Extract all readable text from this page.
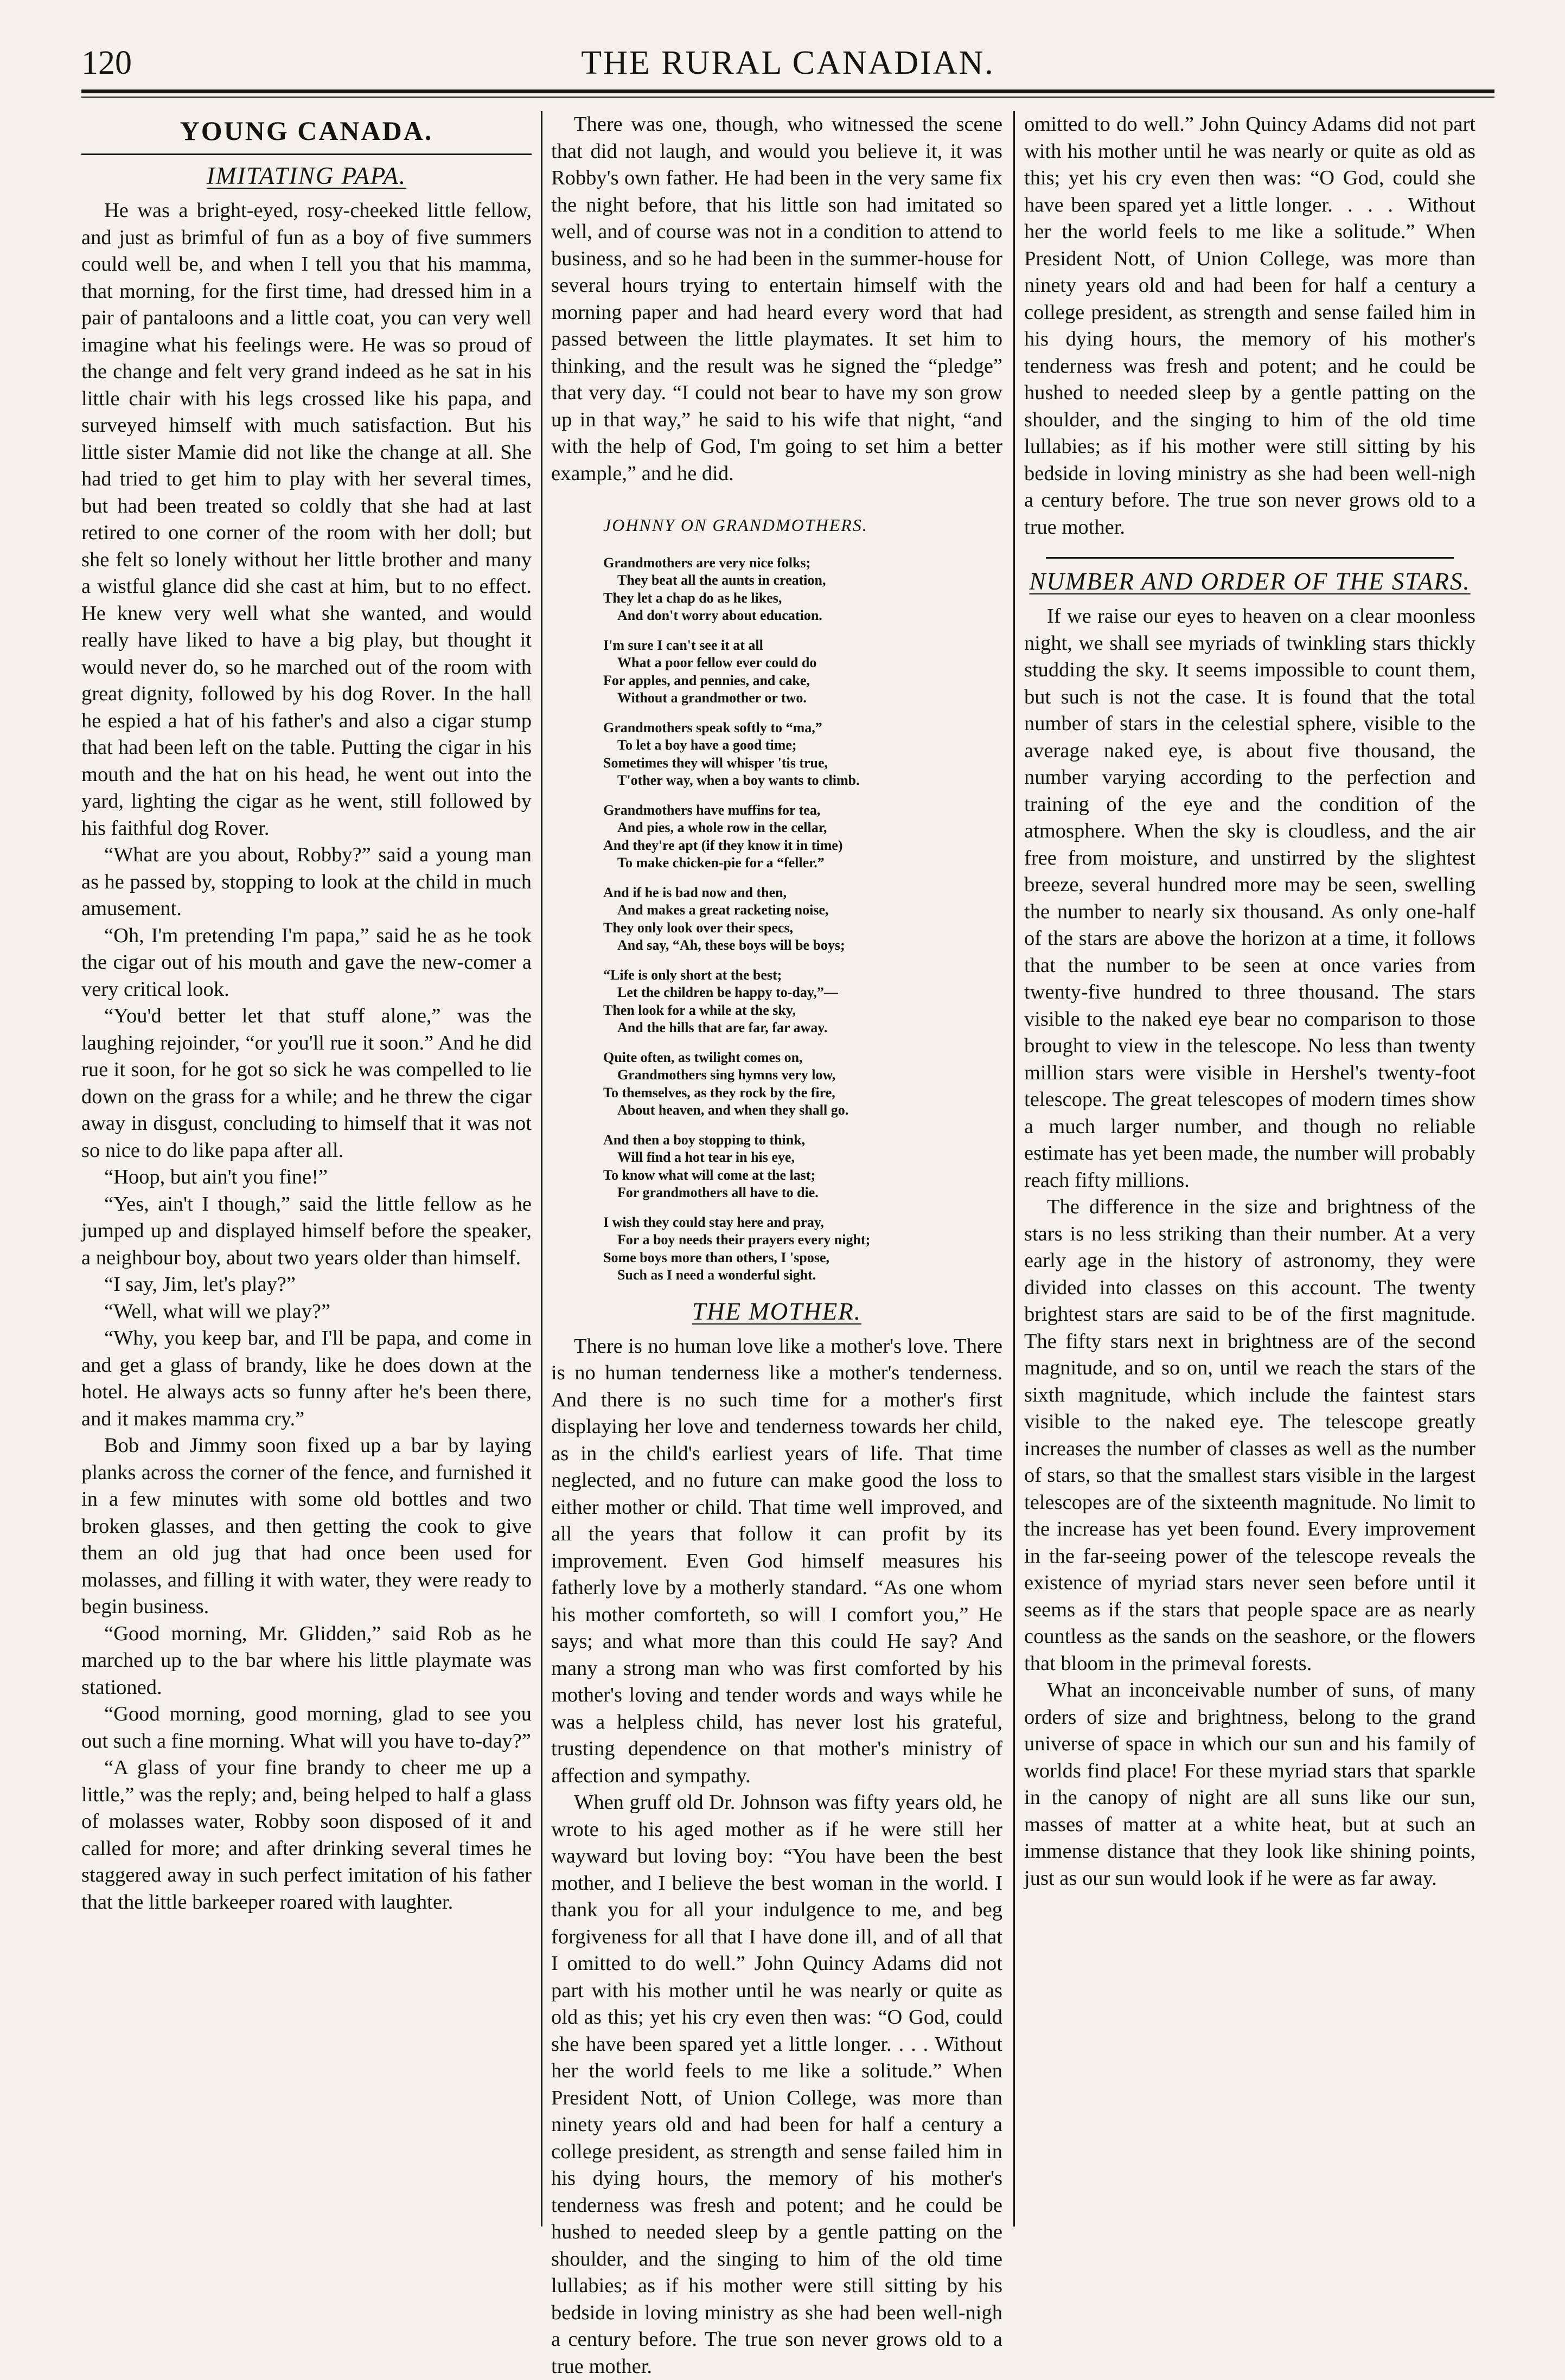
120	THE RURAL CANADIAN.
YOUNG CANADA.
IMITATING PAPA.

He was a bright-eyed, rosy-cheeked little fellow, and just as brimful of fun as a boy of five summers could well be, and when I tell you that his mamma, that morning, for the first time, had dressed him in a pair of pantaloons and a little coat, you can very well imagine what his feelings were. He was so proud of the change and felt very grand indeed as he sat in his little chair with his legs crossed like his papa, and surveyed himself with much satisfaction. But his little sister Mamie did not like the change at all. She had tried to get him to play with her several times, but had been treated so coldly that she had at last retired to one corner of the room with her doll; but she felt so lonely without her little brother and many a wistful glance did she cast at him, but to no effect. He knew very well what she wanted, and would really have liked to have a big play, but thought it would never do, so he marched out of the room with great dignity, followed by his dog Rover. In the hall he espied a hat of his father's and also a cigar stump that had been left on the table. Putting the cigar in his mouth and the hat on his head, he went out into the yard, lighting the cigar as he went, still followed by his faithful dog Rover.

“What are you about, Robby?” said a young man as he passed by, stopping to look at the child in much amusement.

“Oh, I'm pretending I'm papa,” said he as he took the cigar out of his mouth and gave the new-comer a very critical look.

“You'd better let that stuff alone,” was the laughing rejoinder, “or you'll rue it soon.” And he did rue it soon, for he got so sick he was compelled to lie down on the grass for a while; and he threw the cigar away in disgust, concluding to himself that it was not so nice to do like papa after all.

“Hoop, but ain't you fine!”

“Yes, ain't I though,” said the little fellow as he jumped up and displayed himself before the speaker, a neighbour boy, about two years older than himself.

“I say, Jim, let's play?”

“Well, what will we play?”

“Why, you keep bar, and I'll be papa, and come in and get a glass of brandy, like he does down at the hotel. He always acts so funny after he's been there, and it makes mamma cry.”

Bob and Jimmy soon fixed up a bar by laying planks across the corner of the fence, and furnished it in a few minutes with some old bottles and two broken glasses, and then getting the cook to give them an old jug that had once been used for molasses, and filling it with water, they were ready to begin business.

“Good morning, Mr. Glidden,” said Rob as he marched up to the bar where his little playmate was stationed.

“Good morning, good morning, glad to see you out such a fine morning. What will you have to-day?”

“A glass of your fine brandy to cheer me up a little,” was the reply; and, being helped to half a glass of molasses water, Robby soon disposed of it and called for more; and after drinking several times he staggered away in such perfect imitation of his father that the little barkeeper roared with laughter.

There was one, though, who witnessed the scene that did not laugh, and would you believe it, it was Robby's own father. He had been in the very same fix the night before, that his little son had imitated so well, and of course was not in a condition to attend to business, and so he had been in the summer-house for several hours trying to entertain himself with the morning paper and had heard every word that had passed between the little playmates. It set him to thinking, and the result was he signed the “pledge” that very day. “I could not bear to have my son grow up in that way,” he said to his wife that night, “and with the help of God, I'm going to set him a better example,” and he did.

JOHNNY ON GRANDMOTHERS.
Grandmothers are very nice folks;
They beat all the aunts in creation,
They let a chap do as he likes,
And don't worry about education.
I'm sure I can't see it at all
What a poor fellow ever could do
For apples, and pennies, and cake,
Without a grandmother or two.
Grandmothers speak softly to “ma,”
To let a boy have a good time;
Sometimes they will whisper 'tis true,
T'other way, when a boy wants to climb.
Grandmothers have muffins for tea,
And pies, a whole row in the cellar,
And they're apt (if they know it in time)
To make chicken-pie for a “feller.”
And if he is bad now and then,
And makes a great racketing noise,
They only look over their specs,
And say, “Ah, these boys will be boys;
“Life is only short at the best;
Let the children be happy to-day,”—
Then look for a while at the sky,
And the hills that are far, far away.
Quite often, as twilight comes on,
Grandmothers sing hymns very low,
To themselves, as they rock by the fire,
About heaven, and when they shall go.
And then a boy stopping to think,
Will find a hot tear in his eye,
To know what will come at the last;
For grandmothers all have to die.
I wish they could stay here and pray,
For a boy needs their prayers every night;
Some boys more than others, I 'spose,
Such as I need a wonderful sight.
THE MOTHER.

There is no human love like a mother's love. There is no human tenderness like a mother's tenderness. And there is no such time for a mother's first displaying her love and tenderness towards her child, as in the child's earliest years of life. That time neglected, and no future can make good the loss to either mother or child. That time well improved, and all the years that follow it can profit by its improvement. Even God himself measures his fatherly love by a motherly standard. “As one whom his mother comforteth, so will I comfort you,” He says; and what more than this could He say? And many a strong man who was first comforted by his mother's loving and tender words and ways while he was a helpless child, has never lost his grateful, trusting dependence on that mother's ministry of affection and sympathy.

When gruff old Dr. Johnson was fifty years old, he wrote to his aged mother as if he were still her wayward but loving boy: “You have been the best mother, and I believe the best woman in the world. I thank you for all your indulgence to me, and beg forgiveness for all that I have done ill, and of all that I omitted to do well.” John Quincy Adams did not part with his mother until he was nearly or quite as old as this; yet his cry even then was: “O God, could she have been spared yet a little longer. . . . Without her the world feels to me like a solitude.” When President Nott, of Union College, was more than ninety years old and had been for half a century a college president, as strength and sense failed him in his dying hours, the memory of his mother's tenderness was fresh and potent; and he could be hushed to needed sleep by a gentle patting on the shoulder, and the singing to him of the old time lullabies; as if his mother were still sitting by his bedside in loving ministry as she had been well-nigh a century before. The true son never grows old to a true mother.

omitted to do well.” John Quincy Adams did not part with his mother until he was nearly or quite as old as this; yet his cry even then was: “O God, could she have been spared yet a little longer.  .  .  .  Without her the world feels to me like a solitude.” When President Nott, of Union College, was more than ninety years old and had been for half a century a college president, as strength and sense failed him in his dying hours, the memory of his mother's tenderness was fresh and potent; and he could be hushed to needed sleep by a gentle patting on the shoulder, and the singing to him of the old time lullabies; as if his mother were still sitting by his bedside in loving ministry as she had been well-nigh a century before. The true son never grows old to a true mother.

NUMBER AND ORDER OF THE STARS.

If we raise our eyes to heaven on a clear moonless night, we shall see myriads of twinkling stars thickly studding the sky. It seems impossible to count them, but such is not the case. It is found that the total number of stars in the celestial sphere, visible to the average naked eye, is about five thousand, the number varying according to the perfection and training of the eye and the condition of the atmosphere. When the sky is cloudless, and the air free from moisture, and unstirred by the slightest breeze, several hundred more may be seen, swelling the number to nearly six thousand. As only one-half of the stars are above the horizon at a time, it follows that the number to be seen at once varies from twenty-five hundred to three thousand. The stars visible to the naked eye bear no comparison to those brought to view in the telescope. No less than twenty million stars were visible in Hershel's twenty-foot telescope. The great telescopes of modern times show a much larger number, and though no reliable estimate has yet been made, the number will probably reach fifty millions.

The difference in the size and brightness of the stars is no less striking than their number. At a very early age in the history of astronomy, they were divided into classes on this account. The twenty brightest stars are said to be of the first magnitude. The fifty stars next in brightness are of the second magnitude, and so on, until we reach the stars of the sixth magnitude, which include the faintest stars visible to the naked eye. The telescope greatly increases the number of classes as well as the number of stars, so that the smallest stars visible in the largest telescopes are of the sixteenth magnitude. No limit to the increase has yet been found. Every improvement in the far-seeing power of the telescope reveals the existence of myriad stars never seen before until it seems as if the stars that people space are as nearly countless as the sands on the seashore, or the flowers that bloom in the primeval forests.

What an inconceivable number of suns, of many orders of size and brightness, belong to the grand universe of space in which our sun and his family of worlds find place! For these myriad stars that sparkle in the canopy of night are all suns like our sun, masses of matter at a white heat, but at such an immense distance that they look like shining points, just as our sun would look if he were as far away.
